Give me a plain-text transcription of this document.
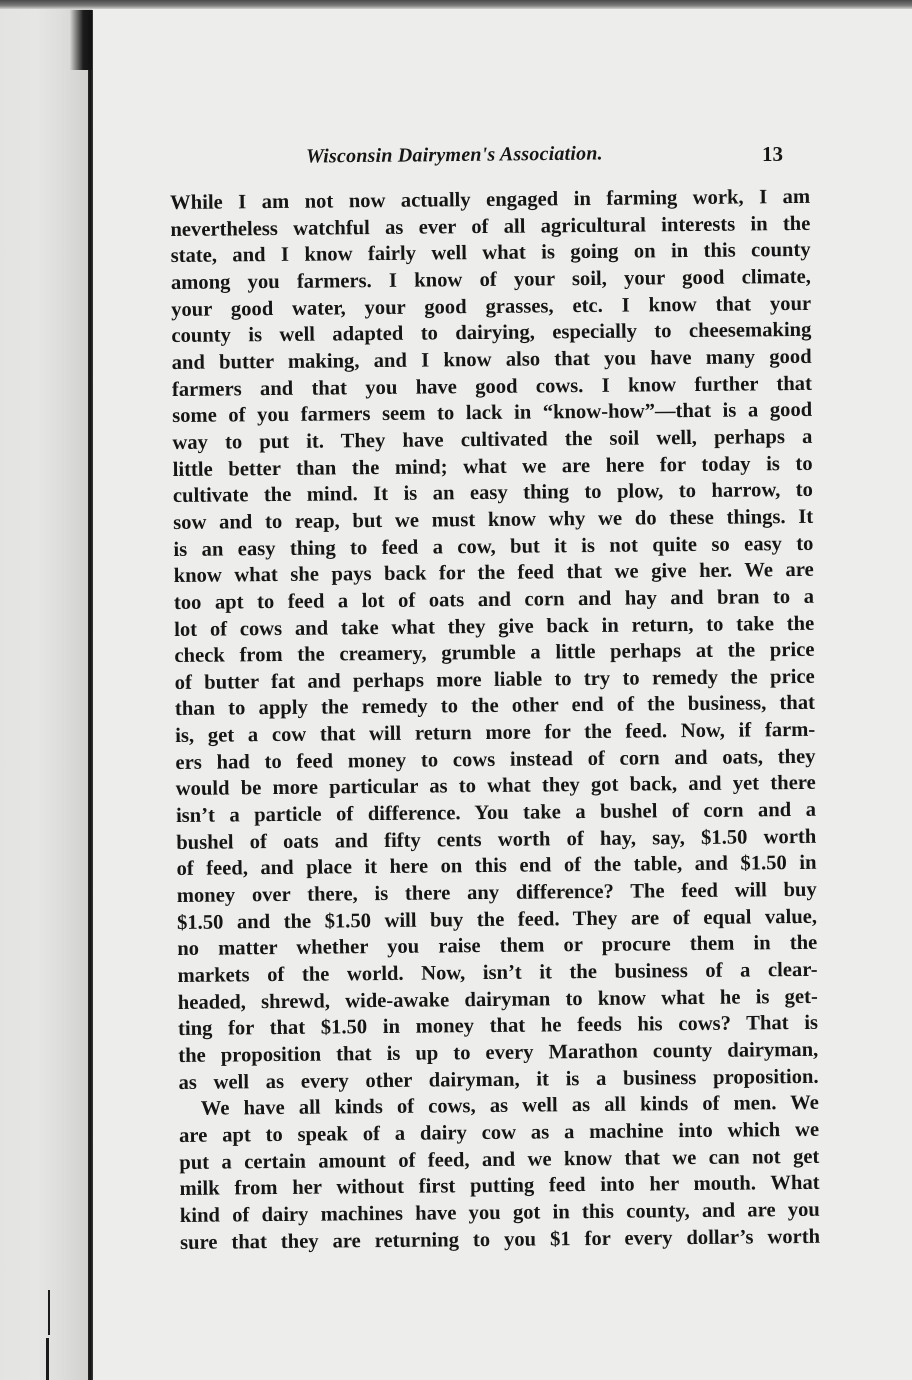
Wisconsin Dairymen's Association.	13
While I am not now actually engaged in farming work, I am
nevertheless watchful as ever of all agricultural interests in the
state, and I know fairly well what is going on in this county
among you farmers. I know of your soil, your good climate,
your good water, your good grasses, etc. I know that your
county is well adapted to dairying, especially to cheesemaking
and butter making, and I know also that you have many good
farmers and that you have good cows. I know further that
some of you farmers seem to lack in “know-how”—that is a good
way to put it. They have cultivated the soil well, perhaps a
little better than the mind; what we are here for today is to
cultivate the mind. It is an easy thing to plow, to harrow, to
sow and to reap, but we must know why we do these things. It
is an easy thing to feed a cow, but it is not quite so easy to
know what she pays back for the feed that we give her. We are
too apt to feed a lot of oats and corn and hay and bran to a
lot of cows and take what they give back in return, to take the
check from the creamery, grumble a little perhaps at the price
of butter fat and perhaps more liable to try to remedy the price
than to apply the remedy to the other end of the business, that
is, get a cow that will return more for the feed. Now, if farm-
ers had to feed money to cows instead of corn and oats, they
would be more particular as to what they got back, and yet there
isn’t a particle of difference. You take a bushel of corn and a
bushel of oats and fifty cents worth of hay, say, $1.50 worth
of feed, and place it here on this end of the table, and $1.50 in
money over there, is there any difference? The feed will buy
$1.50 and the $1.50 will buy the feed. They are of equal value,
no matter whether you raise them or procure them in the
markets of the world. Now, isn’t it the business of a clear-
headed, shrewd, wide-awake dairyman to know what he is get-
ting for that $1.50 in money that he feeds his cows? That is
the proposition that is up to every Marathon county dairyman,
as well as every other dairyman, it is a business proposition.
We have all kinds of cows, as well as all kinds of men. We
are apt to speak of a dairy cow as a machine into which we
put a certain amount of feed, and we know that we can not get
milk from her without first putting feed into her mouth. What
kind of dairy machines have you got in this county, and are you
sure that they are returning to you $1 for every dollar’s worth
